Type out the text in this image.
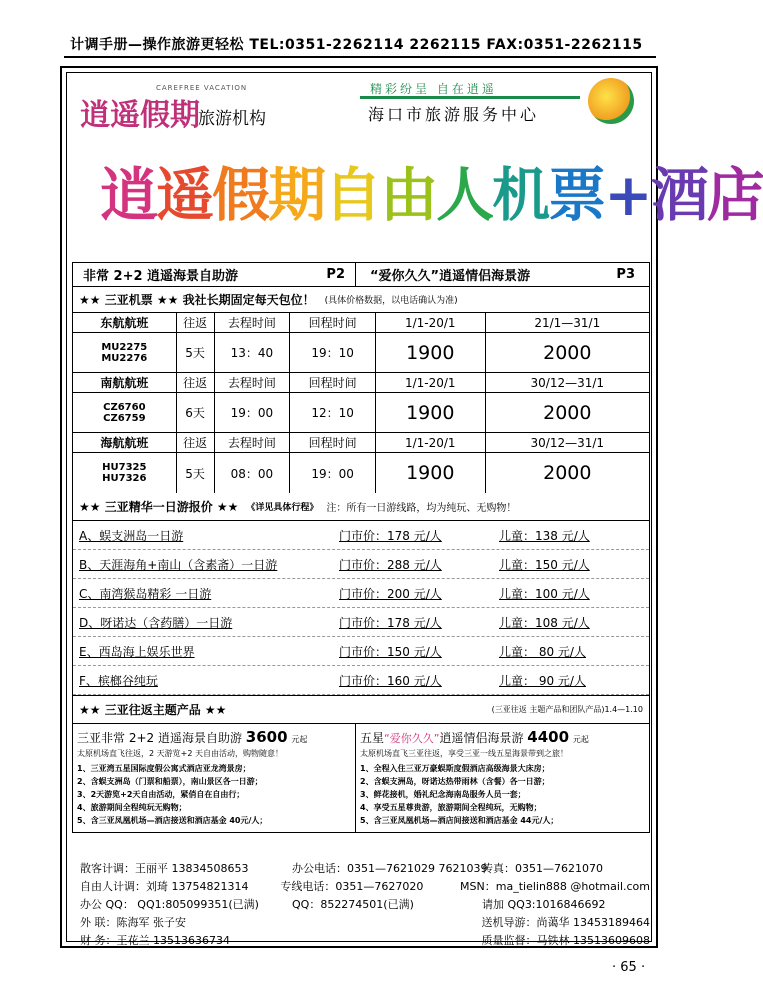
计调手册—操作旅游更轻松 TEL:0351-2262114 2262115 FAX:0351-2262115
逍遥假期
CAREFREE VACATION
旅游机构
精彩纷呈 自在逍遥
海口市旅游服务中心
逍遥假期自由人机票+酒店
非常 2+2 逍遥海景自助游	P2 “爱你久久”逍遥情侣海景游	P3
★★ 三亚机票 ★★ 我社长期固定每天包位！ (具体价格数据，以电话确认为准)
东航航班	往返	去程时间	回程时间	1/1-20/1	21/1—31/1
MU2275
MU2276	5天	13：40	19：10	1900	2000
南航航班	往返	去程时间	回程时间	1/1-20/1	30/12—31/1
CZ6760
CZ6759	6天	19：00	12：10	1900	2000
海航航班	往返	去程时间	回程时间	1/1-20/1	30/12—31/1
HU7325
HU7326	5天	08：00	19：00	1900	2000
★★ 三亚精华一日游报价 ★★ 《详见具体行程》 注：所有一日游线路，均为纯玩、无购物！
A、蜈支洲岛一日游	门市价：178 元/人	儿童：138 元/人
B、天涯海角+南山（含素斋）一日游	门市价：288 元/人	儿童：150 元/人
C、南湾猴岛精彩 一日游	门市价：200 元/人	儿童：100 元/人
D、呀诺达（含药膳）一日游	门市价：178 元/人	儿童：108 元/人
E、西岛海上娱乐世界	门市价：150 元/人	儿童： 80 元/人
F、槟榔谷纯玩	门市价：160 元/人	儿童： 90 元/人
★★ 三亚往返主题产品 ★★	(三亚往返 主题产品和团队产品)1.4—1.10
三亚非常 2+2 逍遥海景自助游 3600 元起
太原机场直飞往返，2 天游览+2 天自由活动，购物随意！
1、三亚湾五星国际度假公寓式酒店亚龙湾景房；
2、含蜈支洲岛（门票和船票），南山景区各一日游；
3、2天游览+2天自由活动，紧俏自在自由行；
4、旅游期间全程纯玩无购物；
5、含三亚凤凰机场—酒店接送和酒店基金 40元/人；
五星“爱你久久”逍遥情侣海景游 4400 元起
太原机场直飞三亚往返，享受三亚一线五星海景带到之旅！
1、全程入住三亚万豪蜈斯度假酒店高级海景大床房；
2、含蜈支洲岛，呀诺达热带雨林（含餐）各一日游；
3、鲜花接机，婚礼纪念海南岛服务人员一套；
4、享受五星尊贵游，旅游期间全程纯玩，无购物；
5、含三亚凤凰机场—酒店间接送和酒店基金 44元/人；
散客计调：王丽平 13834508653	办公电话：0351—7621029 7621039
传真：0351—7621070
自由人计调：刘琦 13754821314	专线电话：0351—7627020	MSN：ma_tielin888 @hotmail.com
办公 QQ： QQ1:805099351(已满)	QQ：852274501(已满)	请加 QQ3:1016846692
外 联：陈海军 张子安	送机导游：尚蔼华 13453189464
财 务：王花兰 13513636734	质量监督：马铁林 13513609608
· 65 ·
